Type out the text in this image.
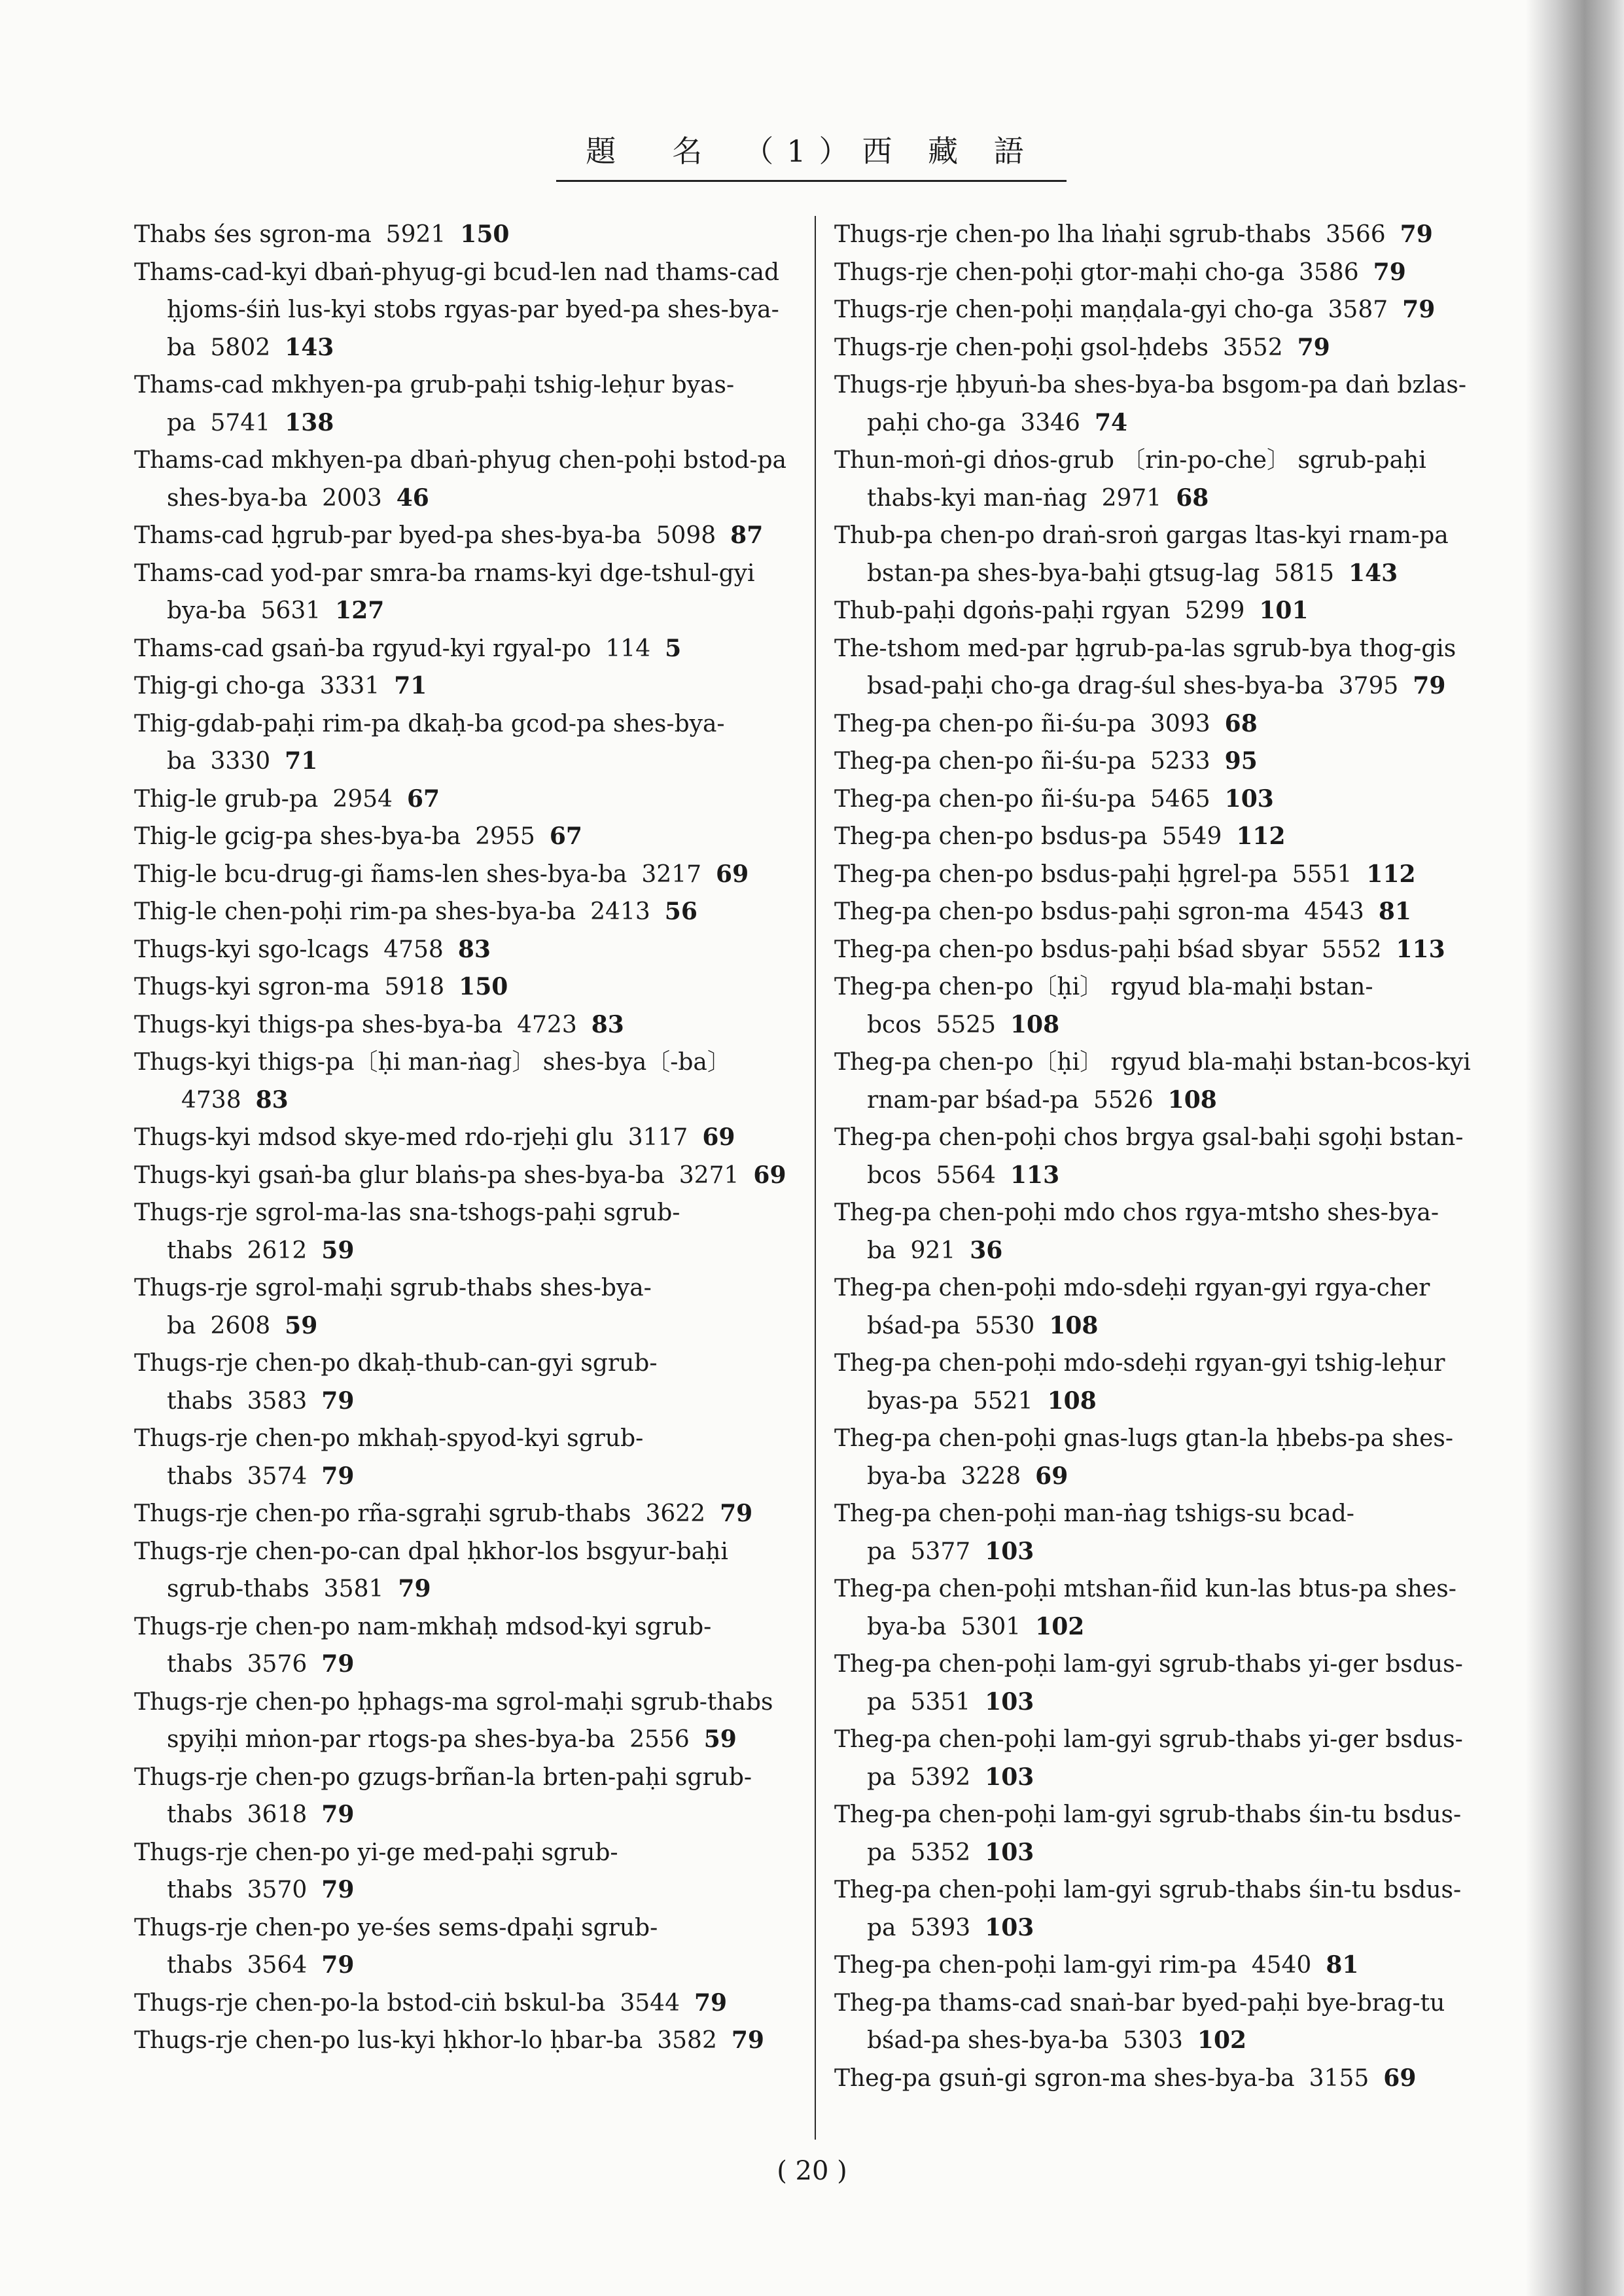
題　名　（1）西 藏 語
Thabs śes sgron-ma 5921 150
Thams-cad-kyi dbaṅ-phyug-gi bcud-len nad thams-cad ḥjoms-śiṅ lus-kyi stobs rgyas-par byed-pa shes-bya-ba 5802 143
Thams-cad mkhyen-pa grub-paḥi tshig-leḥur byas-pa 5741 138
Thams-cad mkhyen-pa dbaṅ-phyug chen-poḥi bstod-pa shes-bya-ba 2003 46
Thams-cad ḥgrub-par byed-pa shes-bya-ba 5098 87
Thams-cad yod-par smra-ba rnams-kyi dge-tshul-gyi bya-ba 5631 127
Thams-cad gsaṅ-ba rgyud-kyi rgyal-po 114 5
Thig-gi cho-ga 3331 71
Thig-gdab-paḥi rim-pa dkaḥ-ba gcod-pa shes-bya-ba 3330 71
Thig-le grub-pa 2954 67
Thig-le gcig-pa shes-bya-ba 2955 67
Thig-le bcu-drug-gi ñams-len shes-bya-ba 3217 69
Thig-le chen-poḥi rim-pa shes-bya-ba 2413 56
Thugs-kyi sgo-lcags 4758 83
Thugs-kyi sgron-ma 5918 150
Thugs-kyi thigs-pa shes-bya-ba 4723 83
Thugs-kyi thigs-pa〔ḥi man-ṅag〕 shes-bya〔-ba〕4738 83
Thugs-kyi mdsod skye-med rdo-rjeḥi glu 3117 69
Thugs-kyi gsaṅ-ba glur blaṅs-pa shes-bya-ba 3271 69
Thugs-rje sgrol-ma-las sna-tshogs-paḥi sgrub-thabs 2612 59
Thugs-rje sgrol-maḥi sgrub-thabs shes-bya-ba 2608 59
Thugs-rje chen-po dkaḥ-thub-can-gyi sgrub-thabs 3583 79
Thugs-rje chen-po mkhaḥ-spyod-kyi sgrub-thabs 3574 79
Thugs-rje chen-po rña-sgraḥi sgrub-thabs 3622 79
Thugs-rje chen-po-can dpal ḥkhor-los bsgyur-baḥi sgrub-thabs 3581 79
Thugs-rje chen-po nam-mkhaḥ mdsod-kyi sgrub-thabs 3576 79
Thugs-rje chen-po ḥphags-ma sgrol-maḥi sgrub-thabs spyiḥi mṅon-par rtogs-pa shes-bya-ba 2556 59
Thugs-rje chen-po gzugs-brñan-la brten-paḥi sgrub-thabs 3618 79
Thugs-rje chen-po yi-ge med-paḥi sgrub-thabs 3570 79
Thugs-rje chen-po ye-śes sems-dpaḥi sgrub-thabs 3564 79
Thugs-rje chen-po-la bstod-ciṅ bskul-ba 3544 79
Thugs-rje chen-po lus-kyi ḥkhor-lo ḥbar-ba 3582 79
Thugs-rje chen-po lha lṅaḥi sgrub-thabs 3566 79
Thugs-rje chen-poḥi gtor-maḥi cho-ga 3586 79
Thugs-rje chen-poḥi maṇḍala-gyi cho-ga 3587 79
Thugs-rje chen-poḥi gsol-ḥdebs 3552 79
Thugs-rje ḥbyuṅ-ba shes-bya-ba bsgom-pa daṅ bzlas-paḥi cho-ga 3346 74
Thun-moṅ-gi dṅos-grub 〔rin-po-che〕 sgrub-paḥi thabs-kyi man-ṅag 2971 68
Thub-pa chen-po draṅ-sroṅ gargas ltas-kyi rnam-pa bstan-pa shes-bya-baḥi gtsug-lag 5815 143
Thub-paḥi dgoṅs-paḥi rgyan 5299 101
The-tshom med-par ḥgrub-pa-las sgrub-bya thog-gis bsad-paḥi cho-ga drag-śul shes-bya-ba 3795 79
Theg-pa chen-po ñi-śu-pa 3093 68
Theg-pa chen-po ñi-śu-pa 5233 95
Theg-pa chen-po ñi-śu-pa 5465 103
Theg-pa chen-po bsdus-pa 5549 112
Theg-pa chen-po bsdus-paḥi ḥgrel-pa 5551 112
Theg-pa chen-po bsdus-paḥi sgron-ma 4543 81
Theg-pa chen-po bsdus-paḥi bśad sbyar 5552 113
Theg-pa chen-po〔ḥi〕 rgyud bla-maḥi bstan-bcos 5525 108
Theg-pa chen-po〔ḥi〕 rgyud bla-maḥi bstan-bcos-kyi rnam-par bśad-pa 5526 108
Theg-pa chen-poḥi chos brgya gsal-baḥi sgoḥi bstan-bcos 5564 113
Theg-pa chen-poḥi mdo chos rgya-mtsho shes-bya-ba 921 36
Theg-pa chen-poḥi mdo-sdeḥi rgyan-gyi rgya-cher bśad-pa 5530 108
Theg-pa chen-poḥi mdo-sdeḥi rgyan-gyi tshig-leḥur byas-pa 5521 108
Theg-pa chen-poḥi gnas-lugs gtan-la ḥbebs-pa shes-bya-ba 3228 69
Theg-pa chen-poḥi man-ṅag tshigs-su bcad-pa 5377 103
Theg-pa chen-poḥi mtshan-ñid kun-las btus-pa shes-bya-ba 5301 102
Theg-pa chen-poḥi lam-gyi sgrub-thabs yi-ger bsdus-pa 5351 103
Theg-pa chen-poḥi lam-gyi sgrub-thabs yi-ger bsdus-pa 5392 103
Theg-pa chen-poḥi lam-gyi sgrub-thabs śin-tu bsdus-pa 5352 103
Theg-pa chen-poḥi lam-gyi sgrub-thabs śin-tu bsdus-pa 5393 103
Theg-pa chen-poḥi lam-gyi rim-pa 4540 81
Theg-pa thams-cad snaṅ-bar byed-paḥi bye-brag-tu bśad-pa shes-bya-ba 5303 102
Theg-pa gsuṅ-gi sgron-ma shes-bya-ba 3155 69
( 20 )
